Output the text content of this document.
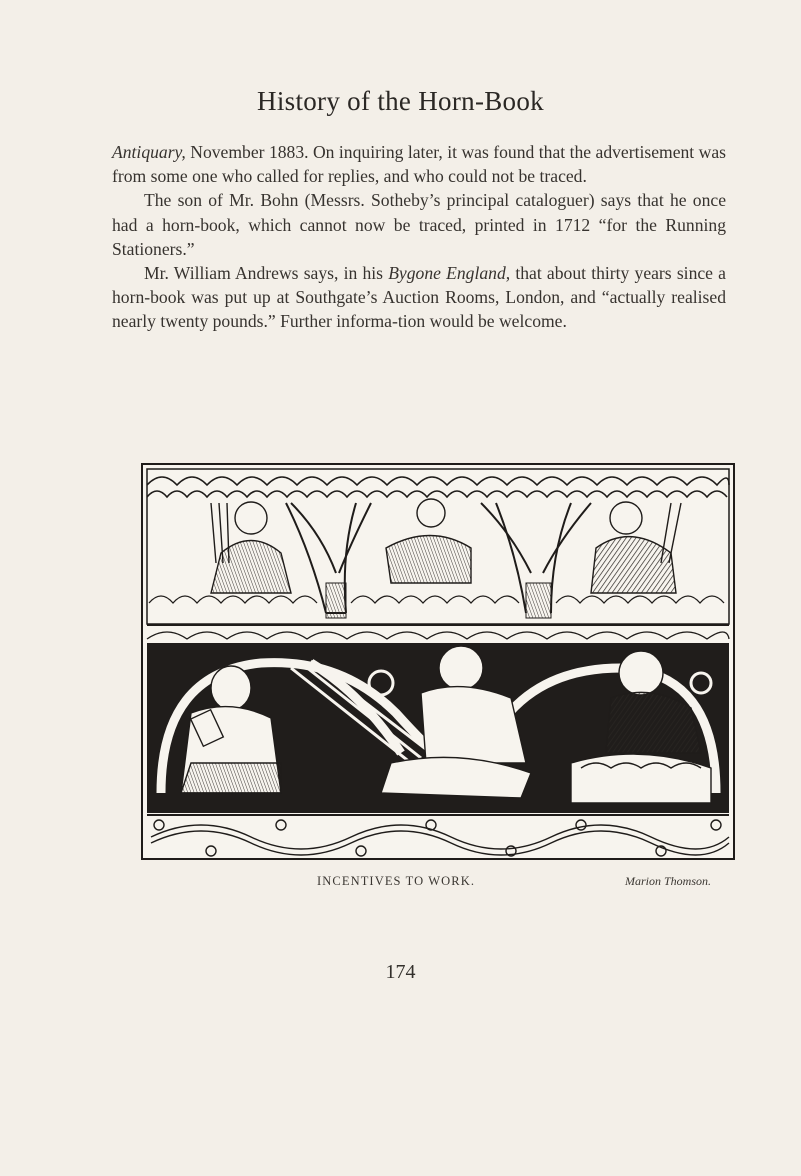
History of the Horn-Book

Antiquary, November 1883. On inquiring later, it was found that the advertisement was from some one who called for replies, and who could not be traced.

The son of Mr. Bohn (Messrs. Sotheby’s principal cataloguer) says that he once had a horn-book, which cannot now be traced, printed in 1712 “for the Running Stationers.”

Mr. William Andrews says, in his Bygone England, that about thirty years since a horn-book was put up at Southgate’s Auction Rooms, London, and “actually realised nearly twenty pounds.” Further informa-tion would be welcome.

INCENTIVES TO WORK.	Marion Thomson.
174
